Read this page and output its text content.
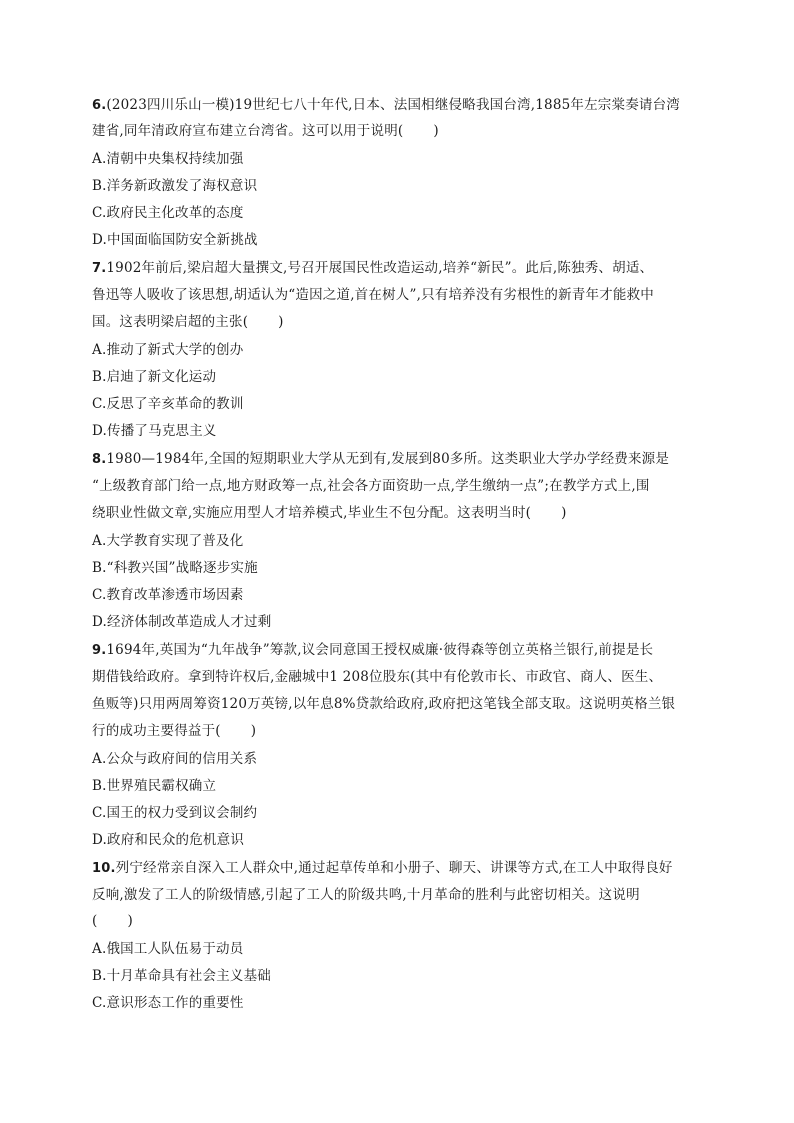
6.(2023四川乐山一模)19世纪七八十年代,日本、法国相继侵略我国台湾,1885年左宗棠奏请台湾
建省,同年清政府宣布建立台湾省。这可以用于说明( )
A.清朝中央集权持续加强
B.洋务新政激发了海权意识
C.政府民主化改革的态度
D.中国面临国防安全新挑战
7.1902年前后,梁启超大量撰文,号召开展国民性改造运动,培养“新民”。此后,陈独秀、胡适、
鲁迅等人吸收了该思想,胡适认为“造因之道,首在树人”,只有培养没有劣根性的新青年才能救中
国。这表明梁启超的主张( )
A.推动了新式大学的创办
B.启迪了新文化运动
C.反思了辛亥革命的教训
D.传播了马克思主义
8.1980—1984年,全国的短期职业大学从无到有,发展到80多所。这类职业大学办学经费来源是
“上级教育部门给一点,地方财政筹一点,社会各方面资助一点,学生缴纳一点”;在教学方式上,围
绕职业性做文章,实施应用型人才培养模式,毕业生不包分配。这表明当时( )
A.大学教育实现了普及化
B.“科教兴国”战略逐步实施
C.教育改革渗透市场因素
D.经济体制改革造成人才过剩
9.1694年,英国为“九年战争”筹款,议会同意国王授权威廉·彼得森等创立英格兰银行,前提是长
期借钱给政府。拿到特许权后,金融城中1 208位股东(其中有伦敦市长、市政官、商人、医生、
鱼贩等)只用两周筹资120万英镑,以年息8%贷款给政府,政府把这笔钱全部支取。这说明英格兰银
行的成功主要得益于( )
A.公众与政府间的信用关系
B.世界殖民霸权确立
C.国王的权力受到议会制约
D.政府和民众的危机意识
10.列宁经常亲自深入工人群众中,通过起草传单和小册子、聊天、讲课等方式,在工人中取得良好
反响,激发了工人的阶级情感,引起了工人的阶级共鸣,十月革命的胜利与此密切相关。这说明
( )
A.俄国工人队伍易于动员
B.十月革命具有社会主义基础
C.意识形态工作的重要性
